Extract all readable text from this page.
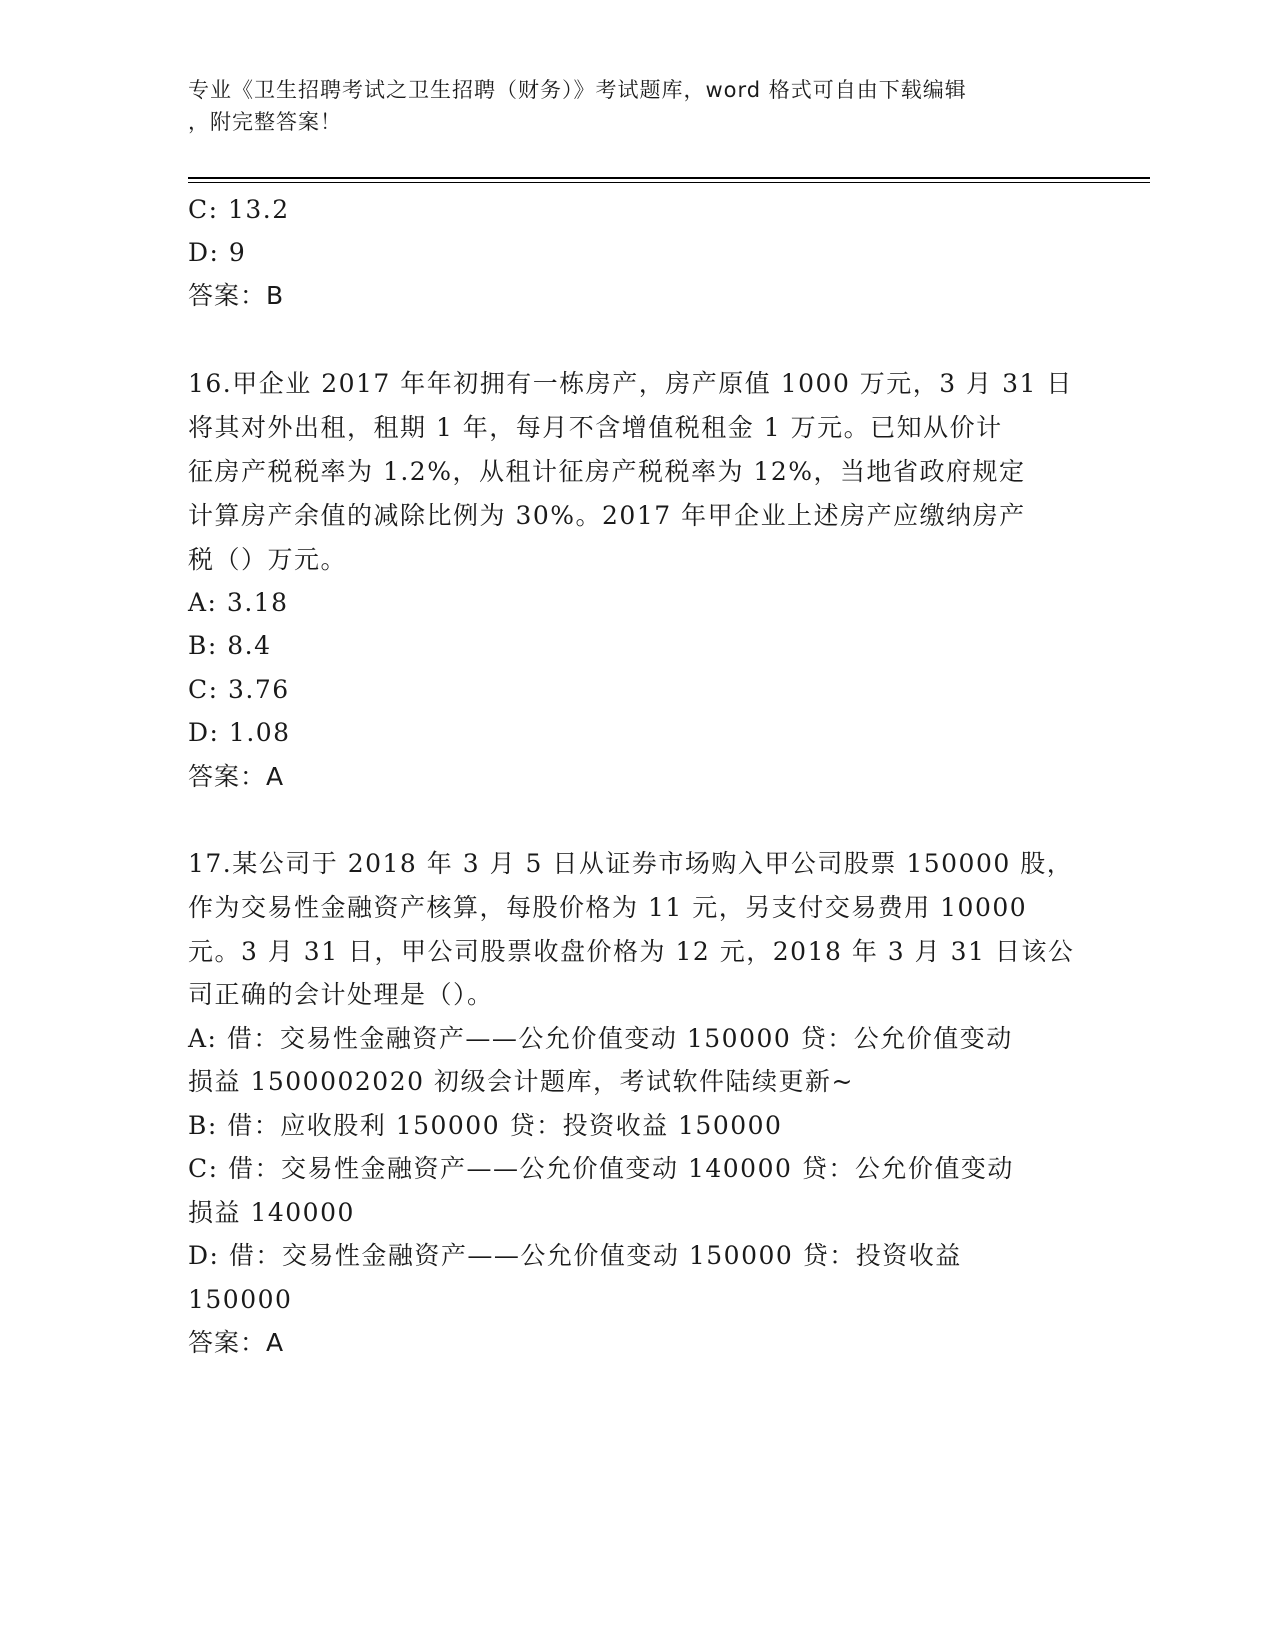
专业《卫生招聘考试之卫生招聘（财务）》考试题库，word 格式可自由下载编辑
，附完整答案！
C: 13.2
D: 9
答案：B
16.甲企业 2017 年年初拥有一栋房产，房产原值 1000 万元，3 月 31 日
将其对外出租，租期 1 年，每月不含增值税租金 1 万元。已知从价计
征房产税税率为 1.2%，从租计征房产税税率为 12%，当地省政府规定
计算房产余值的减除比例为 30%。2017 年甲企业上述房产应缴纳房产
税（）万元。
A: 3.18
B: 8.4
C: 3.76
D: 1.08
答案：A
17.某公司于 2018 年 3 月 5 日从证券市场购入甲公司股票 150000 股，
作为交易性金融资产核算，每股价格为 11 元，另支付交易费用 10000
元。3 月 31 日，甲公司股票收盘价格为 12 元，2018 年 3 月 31 日该公
司正确的会计处理是（）。
A: 借：交易性金融资产——公允价值变动 150000 贷：公允价值变动
损益 1500002020 初级会计题库，考试软件陆续更新~
B: 借：应收股利 150000 贷：投资收益 150000
C: 借：交易性金融资产——公允价值变动 140000 贷：公允价值变动
损益 140000
D: 借：交易性金融资产——公允价值变动 150000 贷：投资收益
150000
答案：A
